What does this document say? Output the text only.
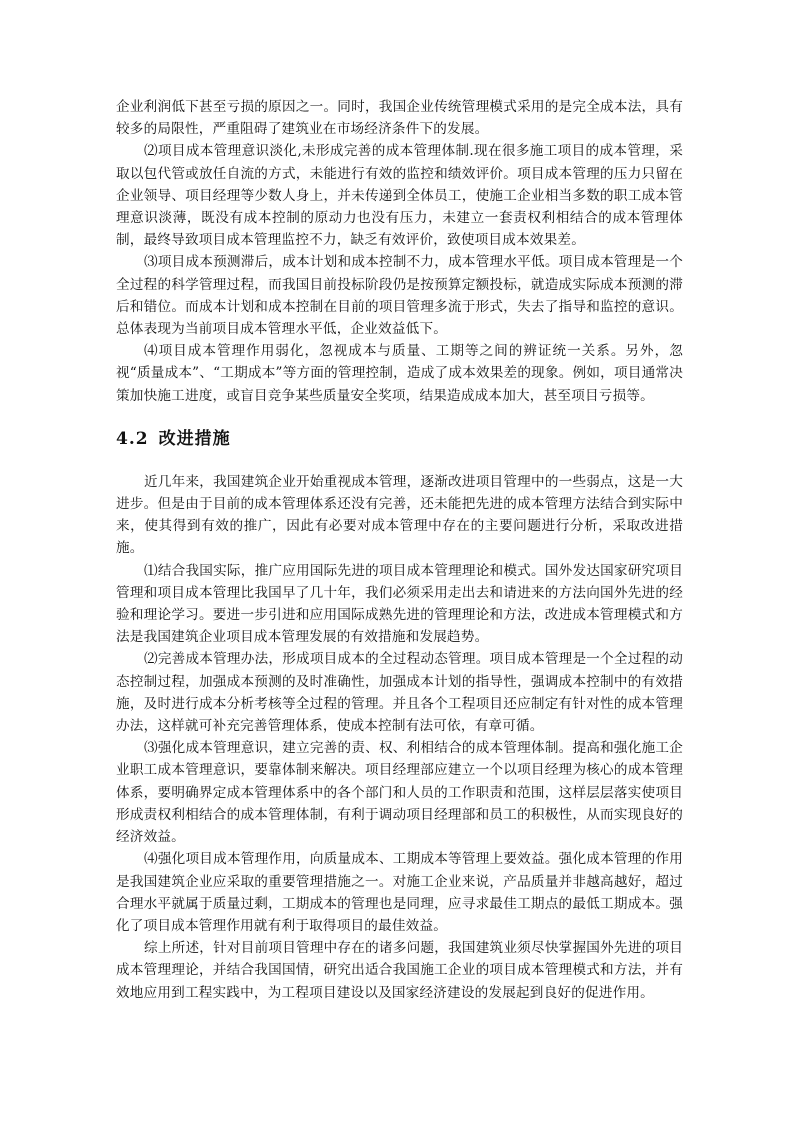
企业利润低下甚至亏损的原因之一。同时，我国企业传统管理模式采用的是完全成本法，具有较多的局限性，严重阻碍了建筑业在市场经济条件下的发展。

⑵项目成本管理意识淡化,未形成完善的成本管理体制.现在很多施工项目的成本管理，采取以包代管或放任自流的方式，未能进行有效的监控和绩效评价。项目成本管理的压力只留在企业领导、项目经理等少数人身上，并未传递到全体员工，使施工企业相当多数的职工成本管理意识淡薄，既没有成本控制的原动力也没有压力，未建立一套责权利相结合的成本管理体制，最终导致项目成本管理监控不力，缺乏有效评价，致使项目成本效果差。

⑶项目成本预测滞后，成本计划和成本控制不力，成本管理水平低。项目成本管理是一个全过程的科学管理过程，而我国目前投标阶段仍是按预算定额投标，就造成实际成本预测的滞后和错位。而成本计划和成本控制在目前的项目管理多流于形式，失去了指导和监控的意识。总体表现为当前项目成本管理水平低，企业效益低下。

⑷项目成本管理作用弱化，忽视成本与质量、工期等之间的辨证统一关系。另外，忽视“质量成本”、“工期成本”等方面的管理控制，造成了成本效果差的现象。例如，项目通常决策加快施工进度，或盲目竞争某些质量安全奖项，结果造成成本加大，甚至项目亏损等。

4.2 改进措施

近几年来，我国建筑企业开始重视成本管理，逐渐改进项目管理中的一些弱点，这是一大进步。但是由于目前的成本管理体系还没有完善，还未能把先进的成本管理方法结合到实际中来，使其得到有效的推广，因此有必要对成本管理中存在的主要问题进行分析，采取改进措施。

⑴结合我国实际，推广应用国际先进的项目成本管理理论和模式。国外发达国家研究项目管理和项目成本管理比我国早了几十年，我们必须采用走出去和请进来的方法向国外先进的经验和理论学习。要进一步引进和应用国际成熟先进的管理理论和方法，改进成本管理模式和方法是我国建筑企业项目成本管理发展的有效措施和发展趋势。

⑵完善成本管理办法，形成项目成本的全过程动态管理。项目成本管理是一个全过程的动态控制过程，加强成本预测的及时准确性，加强成本计划的指导性，强调成本控制中的有效措施，及时进行成本分析考核等全过程的管理。并且各个工程项目还应制定有针对性的成本管理办法，这样就可补充完善管理体系，使成本控制有法可依，有章可循。

⑶强化成本管理意识，建立完善的责、权、利相结合的成本管理体制。提高和强化施工企业职工成本管理意识，要靠体制来解决。项目经理部应建立一个以项目经理为核心的成本管理体系，要明确界定成本管理体系中的各个部门和人员的工作职责和范围，这样层层落实使项目形成责权利相结合的成本管理体制，有利于调动项目经理部和员工的积极性，从而实现良好的经济效益。

⑷强化项目成本管理作用，向质量成本、工期成本等管理上要效益。强化成本管理的作用是我国建筑企业应采取的重要管理措施之一。对施工企业来说，产品质量并非越高越好，超过合理水平就属于质量过剩，工期成本的管理也是同理，应寻求最佳工期点的最低工期成本。强化了项目成本管理作用就有利于取得项目的最佳效益。

综上所述，针对目前项目管理中存在的诸多问题，我国建筑业须尽快掌握国外先进的项目成本管理理论，并结合我国国情，研究出适合我国施工企业的项目成本管理模式和方法，并有效地应用到工程实践中，为工程项目建设以及国家经济建设的发展起到良好的促进作用。
